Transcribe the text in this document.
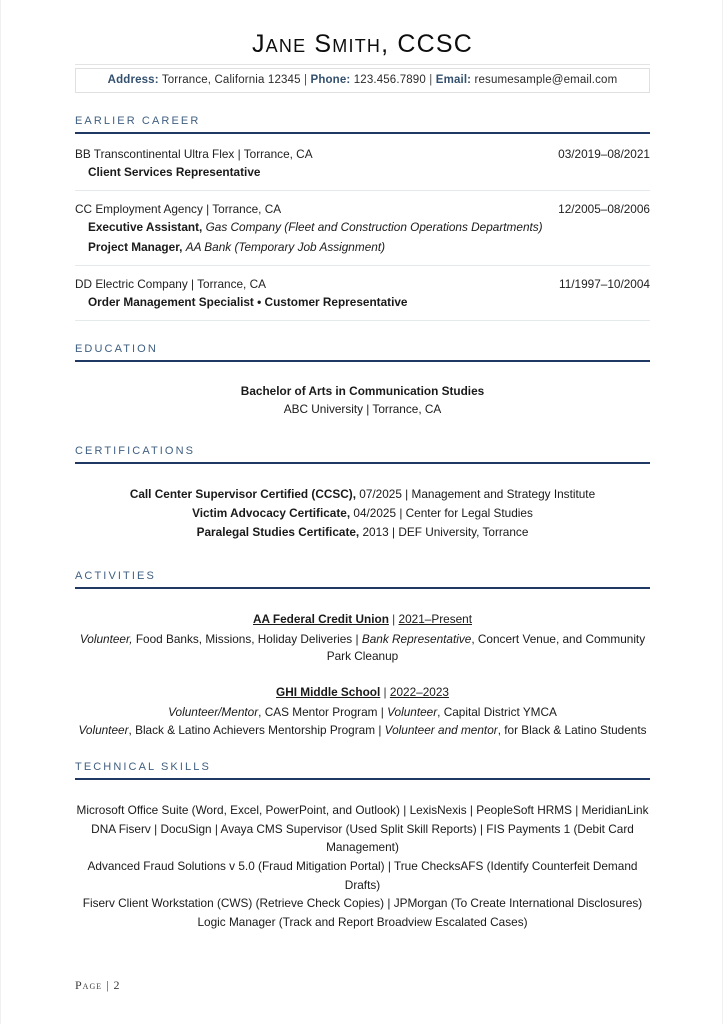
Jane Smith, CCSC
Address: Torrance, California 12345 | Phone: 123.456.7890 | Email: resumesample@email.com
EARLIER CAREER
BB Transcontinental Ultra Flex | Torrance, CA	03/2019–08/2021
Client Services Representative
CC Employment Agency | Torrance, CA	12/2005–08/2006
Executive Assistant, Gas Company (Fleet and Construction Operations Departments)
Project Manager, AA Bank (Temporary Job Assignment)
DD Electric Company | Torrance, CA	11/1997–10/2004
Order Management Specialist • Customer Representative
EDUCATION
Bachelor of Arts in Communication Studies
ABC University | Torrance, CA
CERTIFICATIONS
Call Center Supervisor Certified (CCSC), 07/2025 | Management and Strategy Institute
Victim Advocacy Certificate, 04/2025 | Center for Legal Studies
Paralegal Studies Certificate, 2013 | DEF University, Torrance
ACTIVITIES
AA Federal Credit Union | 2021–Present
Volunteer, Food Banks, Missions, Holiday Deliveries | Bank Representative, Concert Venue, and Community Park Cleanup
GHI Middle School | 2022–2023
Volunteer/Mentor, CAS Mentor Program | Volunteer, Capital District YMCA
Volunteer, Black & Latino Achievers Mentorship Program | Volunteer and mentor, for Black & Latino Students
TECHNICAL SKILLS
Microsoft Office Suite (Word, Excel, PowerPoint, and Outlook) | LexisNexis | PeopleSoft HRMS | MeridianLink
DNA Fiserv | DocuSign | Avaya CMS Supervisor (Used Split Skill Reports) | FIS Payments 1 (Debit Card Management)
Advanced Fraud Solutions v 5.0 (Fraud Mitigation Portal) | True ChecksAFS (Identify Counterfeit Demand Drafts)
Fiserv Client Workstation (CWS) (Retrieve Check Copies) | JPMorgan (To Create International Disclosures)
Logic Manager (Track and Report Broadview Escalated Cases)
Page | 2
